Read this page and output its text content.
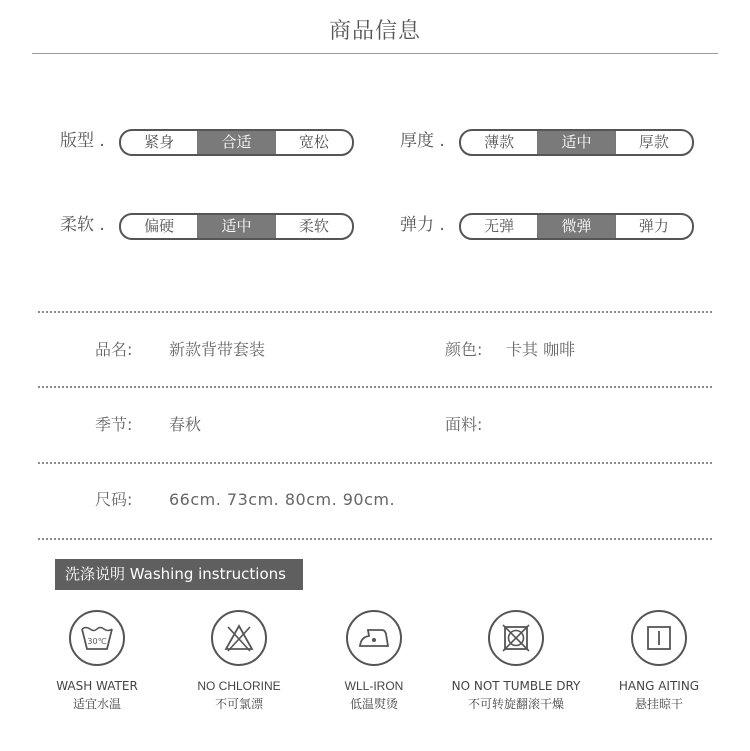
商品信息
版型 .	紧身	合适	宽松	厚度 .	薄款	适中	厚款
柔软 .	偏硬	适中	柔软	弹力 .	无弹	微弹	弹力
品名: 新款背带套装	颜色: 卡其 咖啡
季节: 春秋	面料:
尺码: 66cm. 73cm. 80cm. 90cm.
洗涤说明 Washing instructions
30℃
WASH WATER
适宜水温
NO CHLORINE
不可氯漂
WLL-IRON
低温熨烫
NO NOT TUMBLE DRY
不可转旋翻滚干燥
HANG AITING
悬挂晾干
